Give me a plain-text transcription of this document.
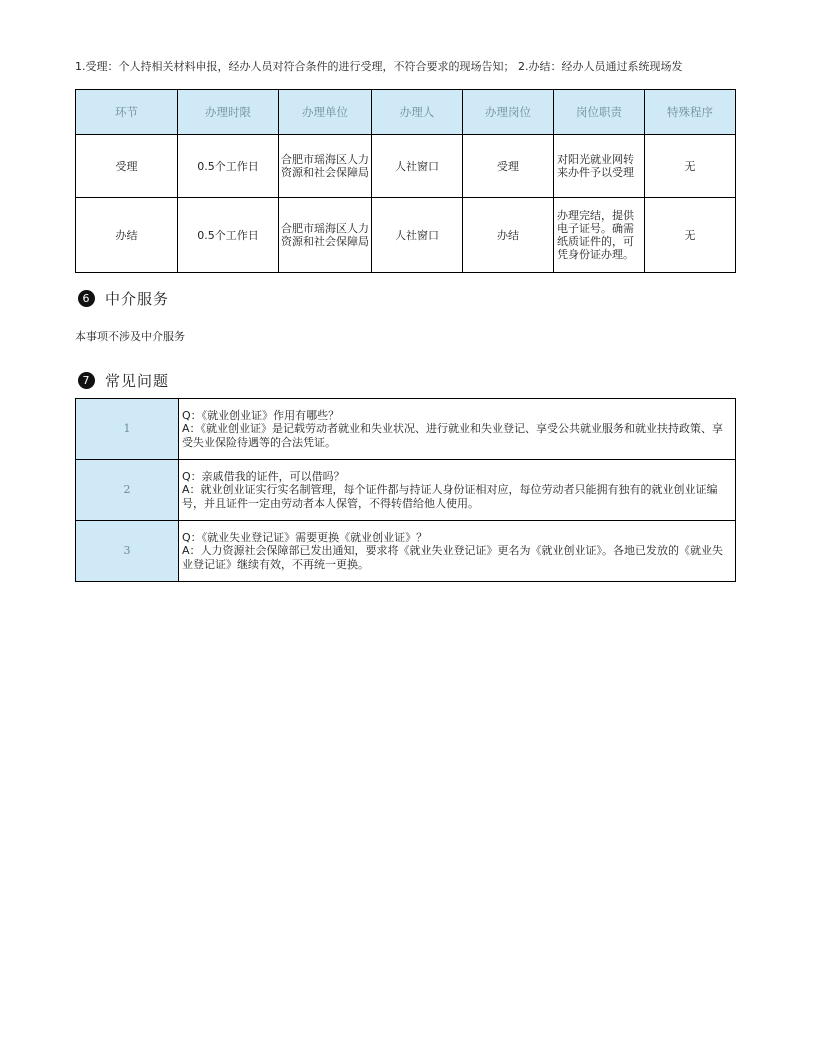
1.受理：个人持相关材料申报，经办人员对符合条件的进行受理，不符合要求的现场告知； 2.办结：经办人员通过系统现场发
环节	办理时限	办理单位	办理人	办理岗位	岗位职责	特殊程序
受理	0.5个工作日	合肥市瑶海区人力资源和社会保障局	人社窗口	受理	对阳光就业网转来办件予以受理	无
办结	0.5个工作日	合肥市瑶海区人力资源和社会保障局	人社窗口	办结	办理完结，提供电子证号。确需纸质证件的，可凭身份证办理。	无
6 中介服务
本事项不涉及中介服务
7 常见问题
1	Q：《就业创业证》作用有哪些？
A：《就业创业证》是记载劳动者就业和失业状况、进行就业和失业登记、享受公共就业服务和就业扶持政策、享受失业保险待遇等的合法凭证。

2	Q：亲戚借我的证件，可以借吗？
A：就业创业证实行实名制管理，每个证件都与持证人身份证相对应，每位劳动者只能拥有独有的就业创业证编号，并且证件一定由劳动者本人保管，不得转借给他人使用。

3	Q：《就业失业登记证》需要更换《就业创业证》？
A：人力资源社会保障部已发出通知，要求将《就业失业登记证》更名为《就业创业证》。各地已发放的《就业失业登记证》继续有效，不再统一更换。
